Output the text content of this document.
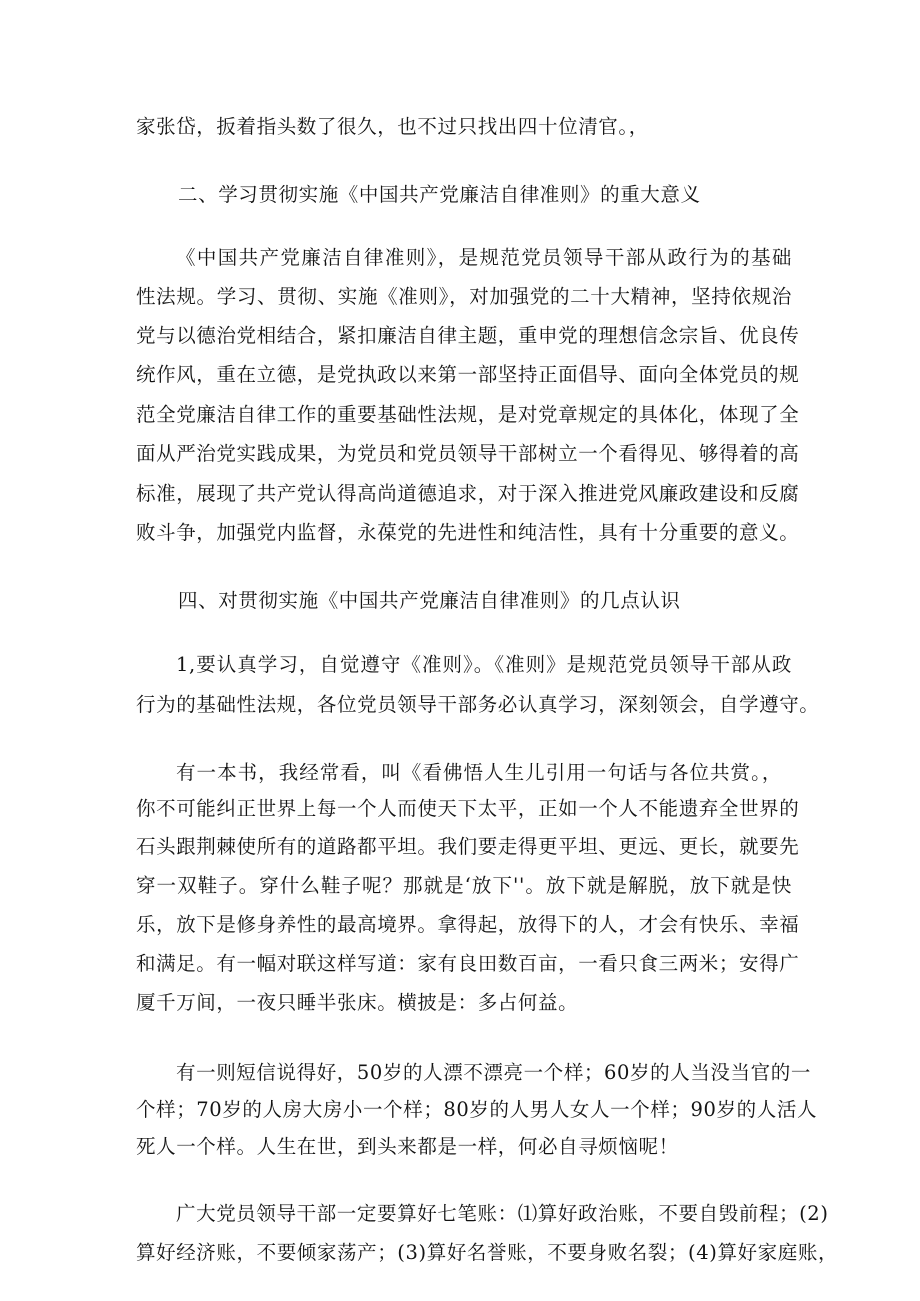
家张岱，扳着指头数了很久，也不过只找出四十位清官。，
二、学习贯彻实施《中国共产党廉洁自律准则》的重大意义
《中国共产党廉洁自律准则》，是规范党员领导干部从政行为的基础
性法规。学习、贯彻、实施《准则》，对加强党的二十大精神，坚持依规治
党与以德治党相结合，紧扣廉洁自律主题，重申党的理想信念宗旨、优良传
统作风，重在立德，是党执政以来第一部坚持正面倡导、面向全体党员的规
范全党廉洁自律工作的重要基础性法规，是对党章规定的具体化，体现了全
面从严治党实践成果，为党员和党员领导干部树立一个看得见、够得着的高
标准，展现了共产党认得高尚道德追求，对于深入推进党风廉政建设和反腐
败斗争，加强党内监督，永葆党的先进性和纯洁性，具有十分重要的意义。
四、对贯彻实施《中国共产党廉洁自律准则》的几点认识
1,要认真学习，自觉遵守《准则》。《准则》是规范党员领导干部从政
行为的基础性法规，各位党员领导干部务必认真学习，深刻领会，自学遵守。
有一本书，我经常看，叫《看佛悟人生儿引用一句话与各位共赏。，
你不可能纠正世界上每一个人而使天下太平，正如一个人不能遗弃全世界的
石头跟荆棘使所有的道路都平坦。我们要走得更平坦、更远、更长，就要先
穿一双鞋子。穿什么鞋子呢？那就是‘放下''。放下就是解脱，放下就是快
乐，放下是修身养性的最高境界。拿得起，放得下的人，才会有快乐、幸福
和满足。有一幅对联这样写道：家有良田数百亩，一看只食三两米；安得广
厦千万间，一夜只睡半张床。横披是：多占何益。
有一则短信说得好，50岁的人漂不漂亮一个样；60岁的人当没当官的一
个样；70岁的人房大房小一个样；80岁的人男人女人一个样；90岁的人活人
死人一个样。人生在世，到头来都是一样，何必自寻烦恼呢！
广大党员领导干部一定要算好七笔账：⑴算好政治账，不要自毁前程；(2)
算好经济账，不要倾家荡产；(3)算好名誉账，不要身败名裂；(4)算好家庭账，
